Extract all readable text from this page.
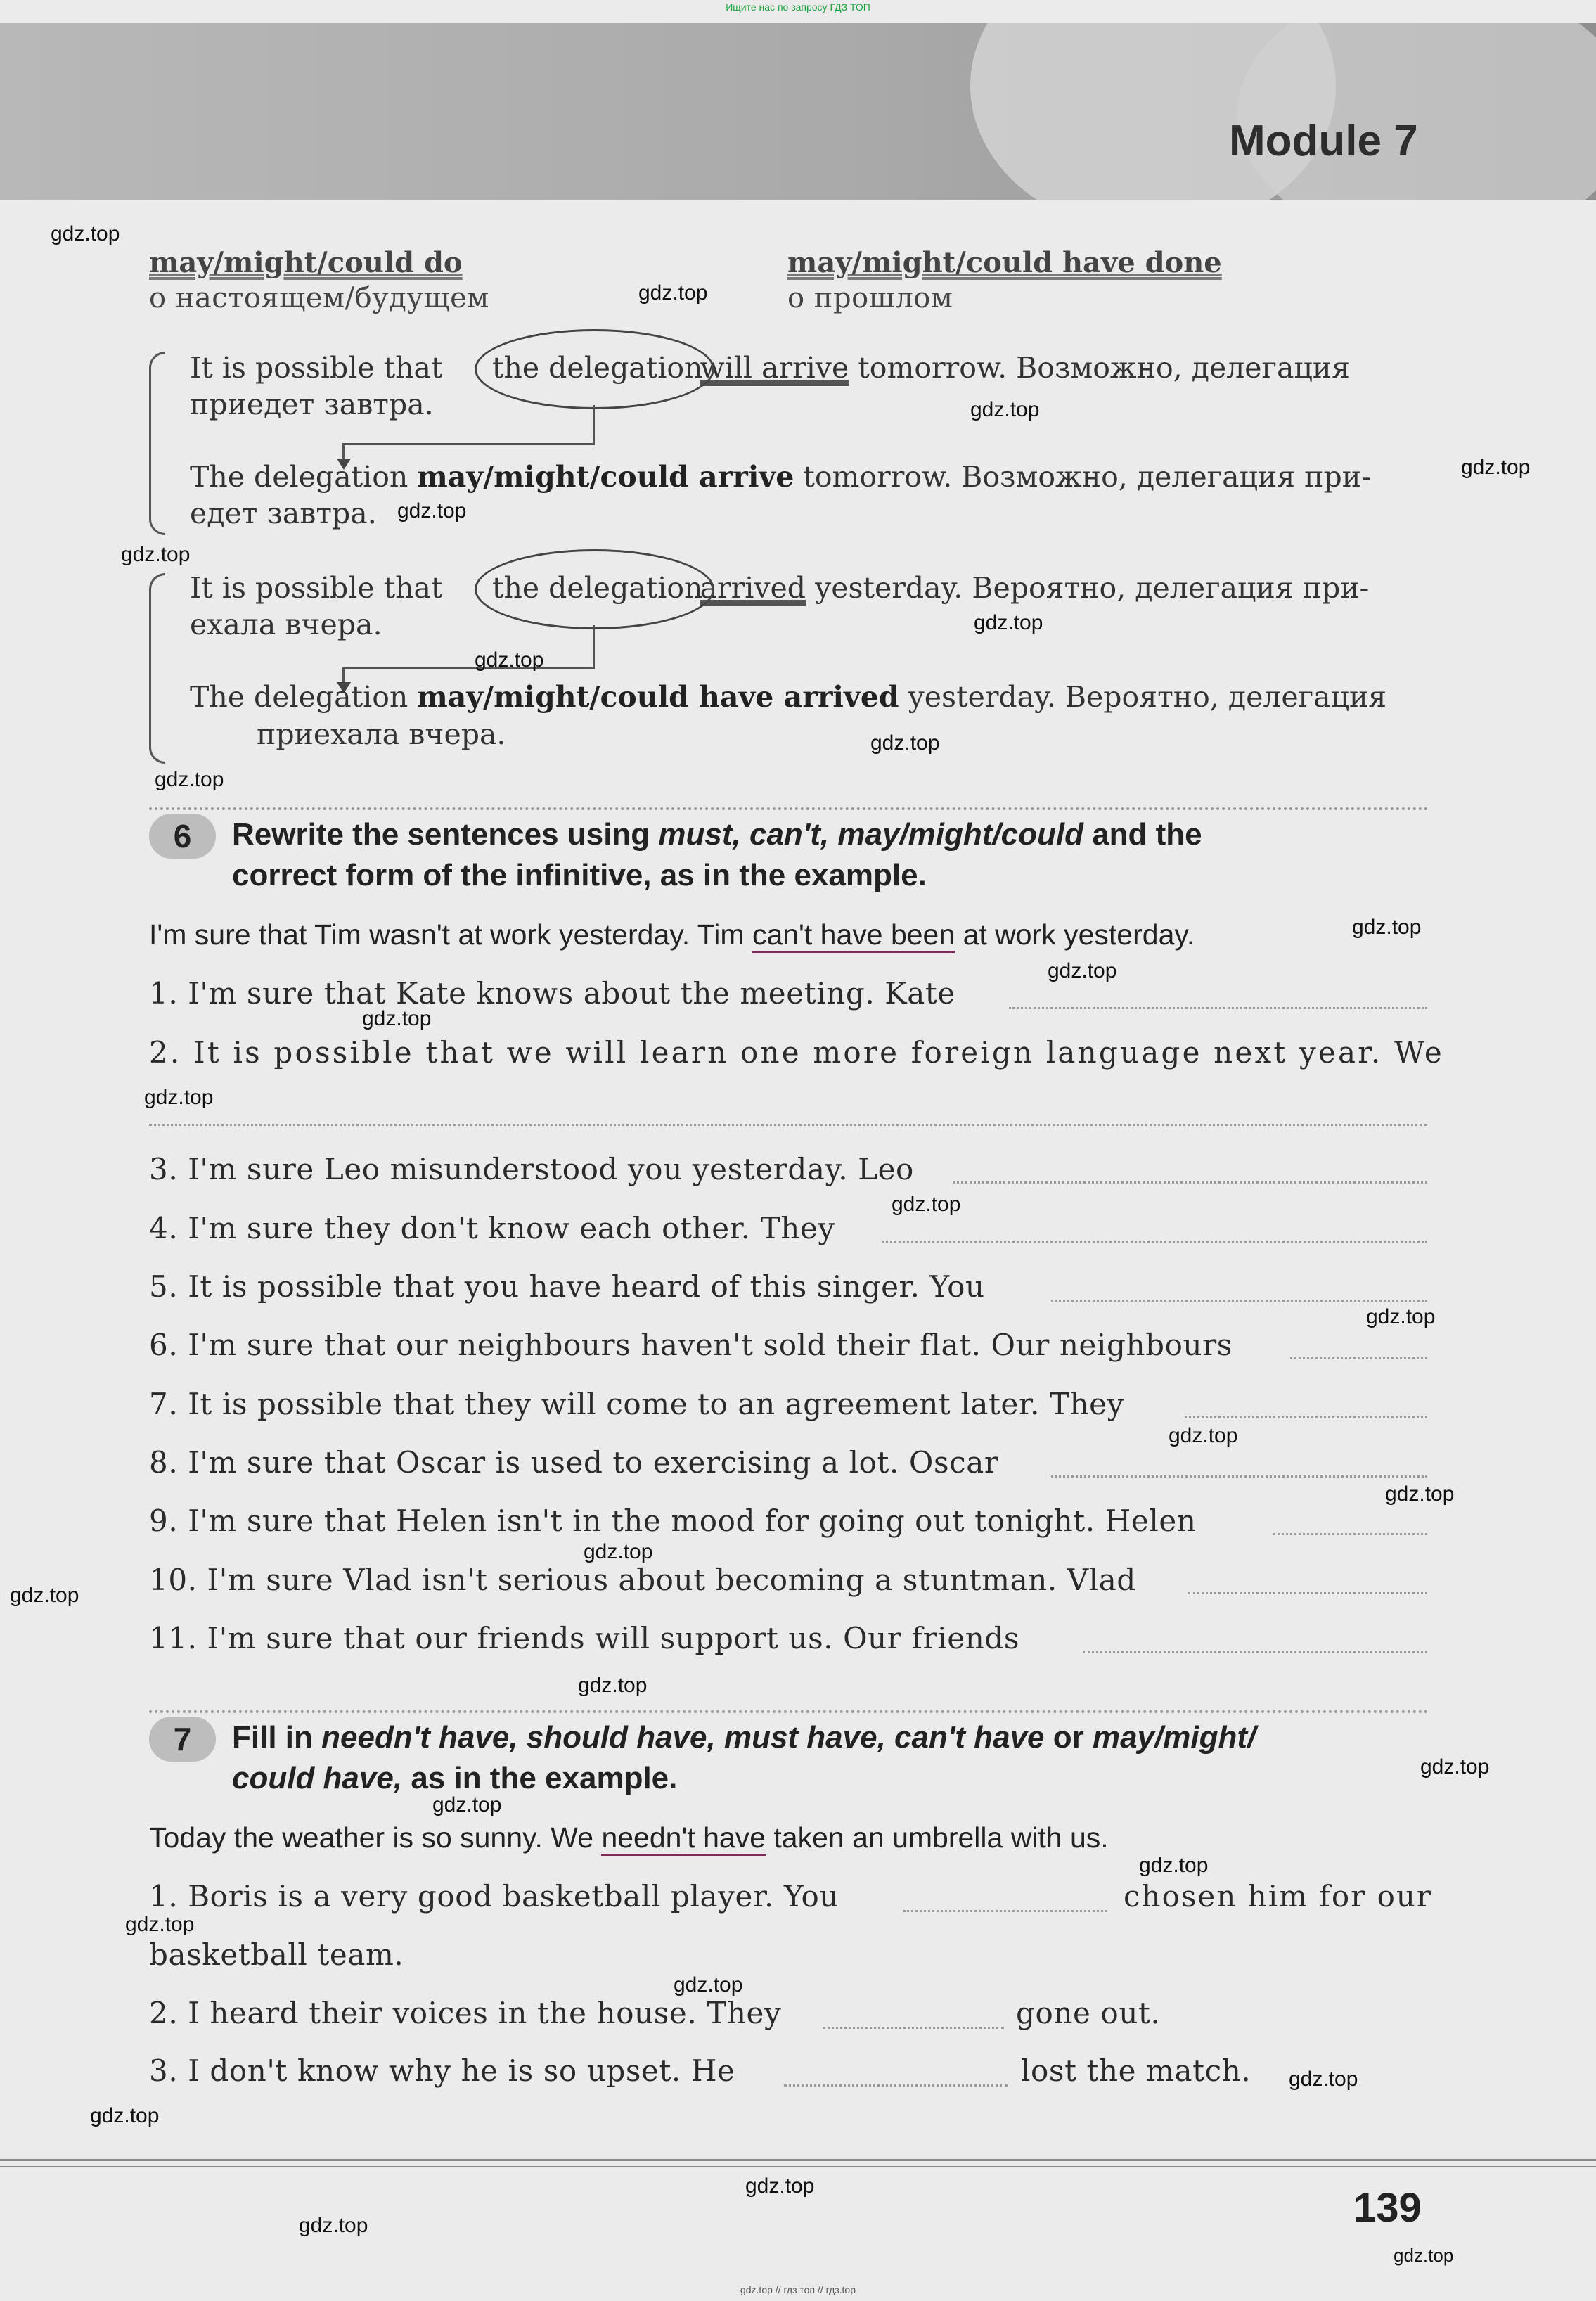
Ищите нас по запросу ГДЗ ТОП
Module 7
may/might/could do
о настоящем/будущем
may/might/could have done
о прошлом
It is possible that	will arrive tomorrow. Возможно, делегация
the delegation
приедет завтра.
The delegation may/might/could arrive tomorrow. Возможно, делегация при-
едет завтра.
It is possible that	arrived yesterday. Вероятно, делегация при-
the delegation
ехала вчера.
The delegation may/might/could have arrived yesterday. Вероятно, делегация
приехала вчера.
6	Rewrite the sentences using must, can't, may/might/could and the
correct form of the infinitive, as in the example.
I'm sure that Tim wasn't at work yesterday. Tim can't have been at work yesterday.
1. I'm sure that Kate knows about the meeting. Kate
2. It is possible that we will learn one more foreign language next year. We
3. I'm sure Leo misunderstood you yesterday. Leo
4. I'm sure they don't know each other. They
5. It is possible that you have heard of this singer. You
6. I'm sure that our neighbours haven't sold their flat. Our neighbours
7. It is possible that they will come to an agreement later. They
8. I'm sure that Oscar is used to exercising a lot. Oscar
9. I'm sure that Helen isn't in the mood for going out tonight. Helen
10. I'm sure Vlad isn't serious about becoming a stuntman. Vlad
11. I'm sure that our friends will support us. Our friends
7	Fill in needn't have, should have, must have, can't have or may/might/
could have, as in the example.
Today the weather is so sunny. We needn't have taken an umbrella with us.
1. Boris is a very good basketball player. You	chosen him for our
basketball team.
2. I heard their voices in the house. They	gone out.
3. I don't know why he is so upset. He	lost the match.
139
gdz.top // гдз топ // гдз.top
gdz.top
gdz.top
gdz.top
gdz.top
gdz.top
gdz.top
gdz.top
gdz.top
gdz.top
gdz.top
gdz.top
gdz.top
gdz.top
gdz.top
gdz.top
gdz.top
gdz.top
gdz.top
gdz.top
gdz.top
gdz.top
gdz.top
gdz.top
gdz.top
gdz.top
gdz.top
gdz.top
gdz.top
gdz.top
gdz.top
gdz.top
